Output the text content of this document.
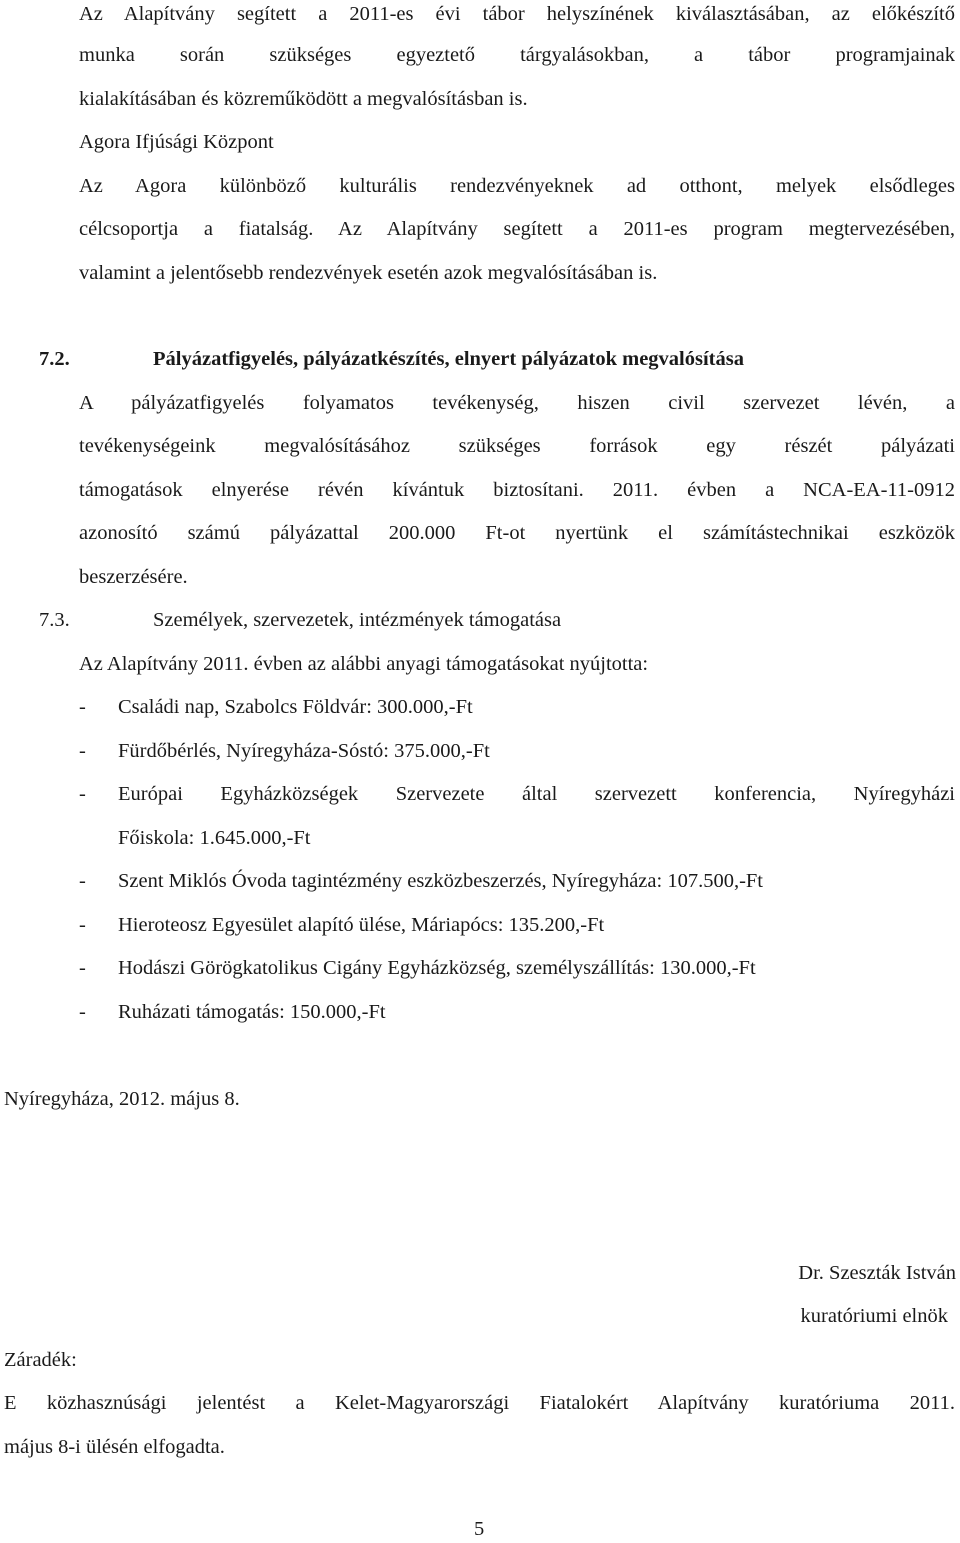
Az Alapítvány segített a 2011-es évi tábor helyszínének kiválasztásában, az előkészítő
munka során szükséges egyeztető tárgyalásokban, a tábor programjainak
kialakításában és közreműködött a megvalósításban is.
Agora Ifjúsági Központ
Az Agora különböző kulturális rendezvényeknek ad otthont, melyek elsődleges
célcsoportja a fiatalság. Az Alapítvány segített a 2011-es program megtervezésében,
valamint a jelentősebb rendezvények esetén azok megvalósításában is.
7.2.	Pályázatfigyelés, pályázatkészítés, elnyert pályázatok megvalósítása
A pályázatfigyelés folyamatos tevékenység, hiszen civil szervezet lévén, a
tevékenységeink megvalósításához szükséges források egy részét pályázati
támogatások elnyerése révén kívántuk biztosítani. 2011. évben a NCA-EA-11-0912
azonosító számú pályázattal 200.000 Ft-ot nyertünk el számítástechnikai eszközök
beszerzésére.
7.3.	Személyek, szervezetek, intézmények támogatása
Az Alapítvány 2011. évben az alábbi anyagi támogatásokat nyújtotta:
- Családi nap, Szabolcs Földvár: 300.000,-Ft
- Fürdőbérlés, Nyíregyháza-Sóstó: 375.000,-Ft
- Európai Egyházközségek Szervezete által szervezett konferencia, Nyíregyházi
Főiskola: 1.645.000,-Ft
- Szent Miklós Óvoda tagintézmény eszközbeszerzés, Nyíregyháza: 107.500,-Ft
- Hieroteosz Egyesület alapító ülése, Máriapócs: 135.200,-Ft
- Hodászi Görögkatolikus Cigány Egyházközség, személyszállítás: 130.000,-Ft
- Ruházati támogatás: 150.000,-Ft
Nyíregyháza, 2012. május 8.
Dr. Szeszták István
kuratóriumi elnök
Záradék:
E közhasznúsági jelentést a Kelet-Magyarországi Fiatalokért Alapítvány kuratóriuma 2011.
május 8-i ülésén elfogadta.
5
